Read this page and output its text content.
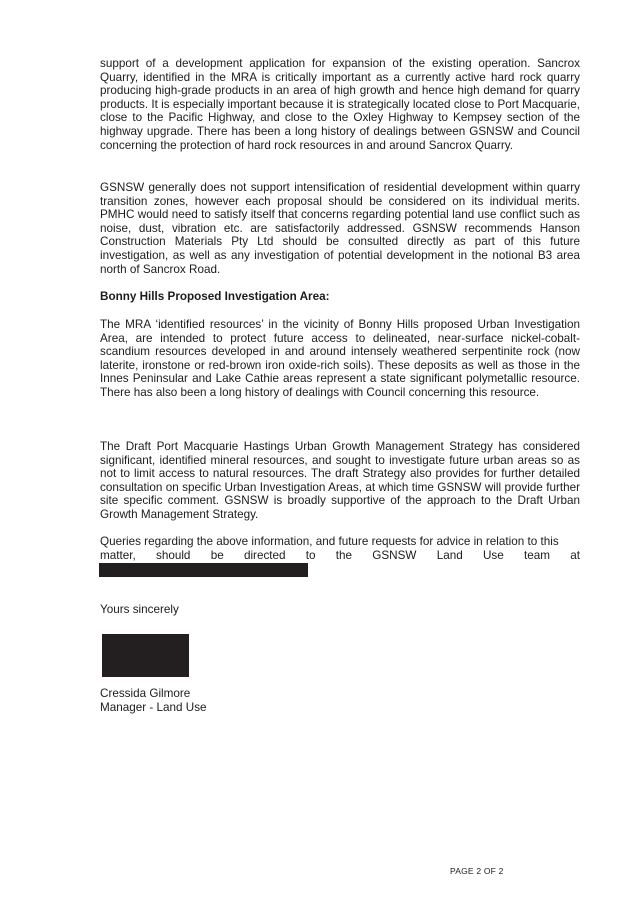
support of a development application for expansion of the existing operation. Sancrox Quarry, identified in the MRA is critically important as a currently active hard rock quarry producing high-grade products in an area of high growth and hence high demand for quarry products. It is especially important because it is strategically located close to Port Macquarie, close to the Pacific Highway, and close to the Oxley Highway to Kempsey section of the highway upgrade. There has been a long history of dealings between GSNSW and Council concerning the protection of hard rock resources in and around Sancrox Quarry.

GSNSW generally does not support intensification of residential development within quarry transition zones, however each proposal should be considered on its individual merits. PMHC would need to satisfy itself that concerns regarding potential land use conflict such as noise, dust, vibration etc. are satisfactorily addressed. GSNSW recommends Hanson Construction Materials Pty Ltd should be consulted directly as part of this future investigation, as well as any investigation of potential development in the notional B3 area north of Sancrox Road.

Bonny Hills Proposed Investigation Area:

The MRA ‘identified resources’ in the vicinity of Bonny Hills proposed Urban Investigation Area, are intended to protect future access to delineated, near-surface nickel-cobalt-scandium resources developed in and around intensely weathered serpentinite rock (now laterite, ironstone or red-brown iron oxide-rich soils). These deposits as well as those in the Innes Peninsular and Lake Cathie areas represent a state significant polymetallic resource. There has also been a long history of dealings with Council concerning this resource.

The Draft Port Macquarie Hastings Urban Growth Management Strategy has considered significant, identified mineral resources, and sought to investigate future urban areas so as not to limit access to natural resources. The draft Strategy also provides for further detailed consultation on specific Urban Investigation Areas, at which time GSNSW will provide further site specific comment. GSNSW is broadly supportive of the approach to the Draft Urban Growth Management Strategy.

Queries regarding the above information, and future requests for advice in relation to this

matter, should be directed to the GSNSW Land Use team at

Yours sincerely

Cressida Gilmore

Manager - Land Use

PAGE 2 OF 2
